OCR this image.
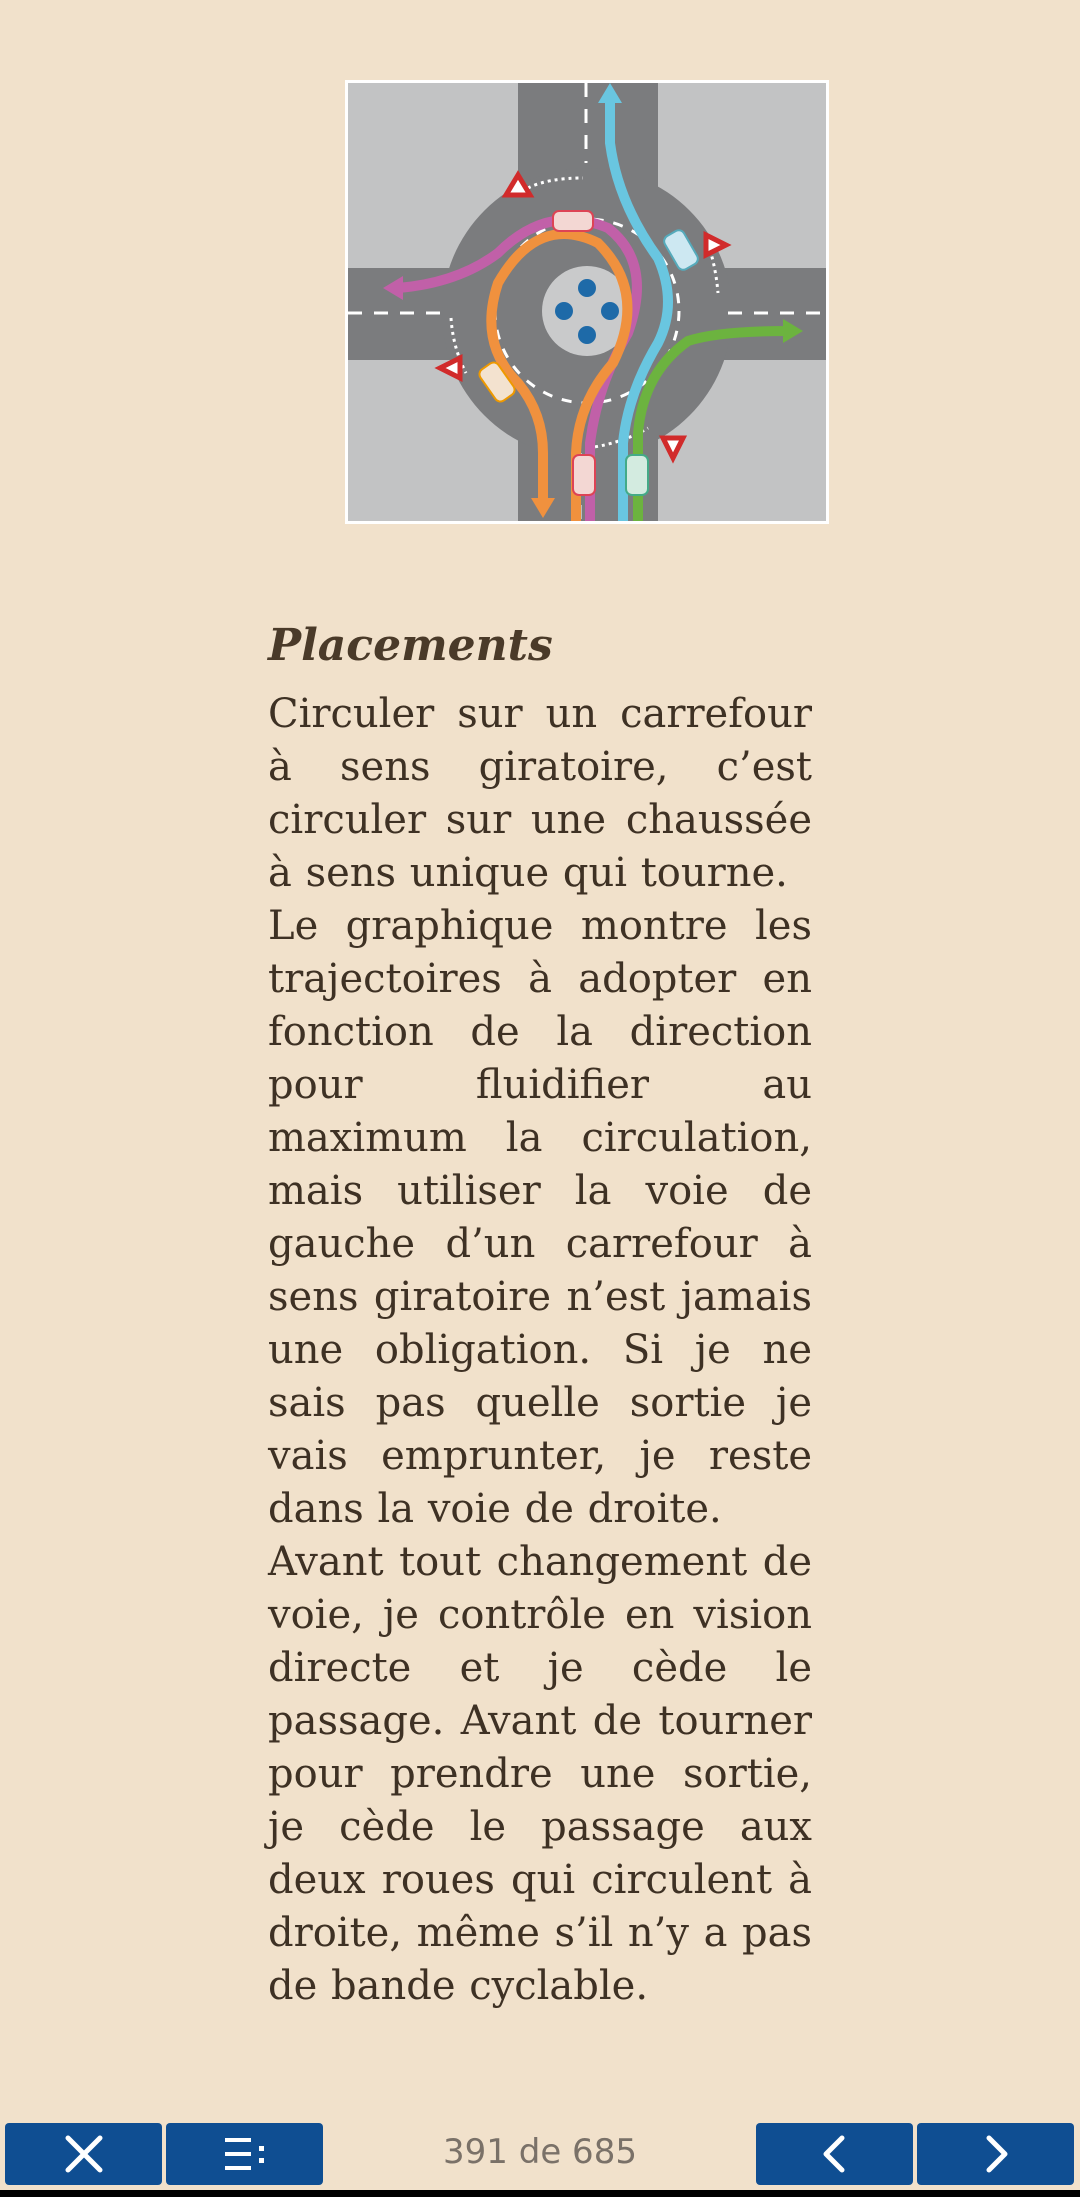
Placements

Circuler sur un carrefour à sens giratoire, c’est circuler sur une chaussée à sens unique qui tourne.

Le graphique montre les trajectoires à adopter en fonction de la direction pour fluidifier au maximum la circulation, mais utiliser la voie de gauche d’un carrefour à sens giratoire n’est jamais une obligation. Si je ne sais pas quelle sortie je vais emprunter, je reste dans la voie de droite.

Avant tout changement de voie, je contrôle en vision directe et je cède le passage. Avant de tourner pour prendre une sortie, je cède le passage aux deux roues qui circulent à droite, même s’il n’y a pas de bande cyclable.

391 de 685
